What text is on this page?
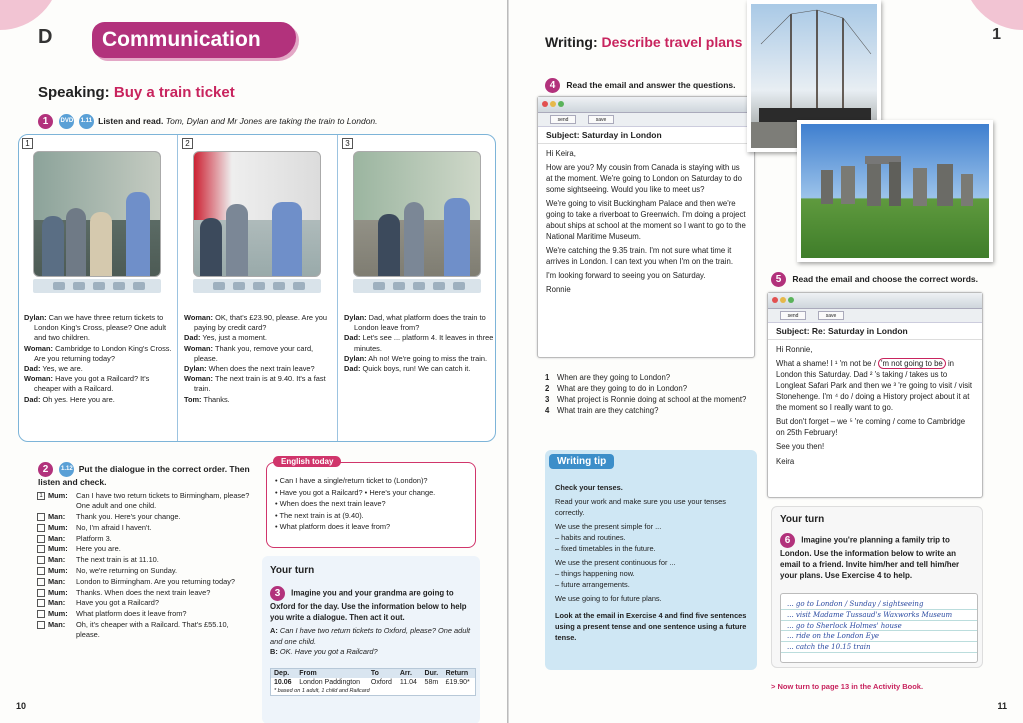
D	Communication
Speaking: Buy a train ticket
1 DVD 1.11 Listen and read. Tom, Dylan and Mr Jones are taking the train to London.
1

Dylan: Can we have three return tickets to London King's Cross, please? One adult and two children.

Woman: Cambridge to London King's Cross. Are you returning today?

Dad: Yes, we are.

Woman: Have you got a Railcard? It's cheaper with a Railcard.

Dad: Oh yes. Here you are.

2

Woman: OK, that's £23.90, please. Are you paying by credit card?

Dad: Yes, just a moment.

Woman: Thank you, remove your card, please.

Dylan: When does the next train leave?

Woman: The next train is at 9.40. It's a fast train.

Tom: Thanks.

3

Dylan: Dad, what platform does the train to London leave from?

Dad: Let's see ... platform 4. It leaves in three minutes.

Dylan: Ah no! We're going to miss the train.

Dad: Quick boys, run! We can catch it.

2 1.12 Put the dialogue in the correct order. Then listen and check.
1 Mum:	Can I have two return tickets to Birmingham, please? One adult and one child.
Man:	Thank you. Here's your change.
Mum:	No, I'm afraid I haven't.
Man:	Platform 3.
Mum:	Here you are.
Man:	The next train is at 11.10.
Mum:	No, we're returning on Sunday.
Man:	London to Birmingham. Are you returning today?
Mum:	Thanks. When does the next train leave?
Man:	Have you got a Railcard?
Mum:	What platform does it leave from?
Man:	Oh, it's cheaper with a Railcard. That's £55.10, please.
English today
• Can I have a single/return ticket to (London)?
• Have you got a Railcard? • Here's your change.
• When does the next train leave?
• The next train is at (9.40).
• What platform does it leave from?
Your turn
3 Imagine you and your grandma are going to Oxford for the day. Use the information below to help you write a dialogue. Then act it out.
A: Can I have two return tickets to Oxford, please? One adult and one child.
B: OK. Have you got a Railcard?
Dep.	From	To	Arr.	Dur.	Return
10.06	London Paddington	Oxford	11.04	58m	£19.90*
* based on 1 adult, 1 child and Railcard
10
1
Writing: Describe travel plans
4 Read the email and answer the questions.
send	save
Subject: Saturday in London

Hi Keira,

How are you? My cousin from Canada is staying with us at the moment. We're going to London on Saturday to do some sightseeing. Would you like to meet us?

We're going to visit Buckingham Palace and then we're going to take a riverboat to Greenwich. I'm doing a project about ships at school at the moment so I want to go to the National Maritime Museum.

We're catching the 9.35 train. I'm not sure what time it arrives in London. I can text you when I'm on the train.

I'm looking forward to seeing you on Saturday.

Ronnie

1 When are they going to London?
2 What are they going to do in London?
3 What project is Ronnie doing at school at the moment?
4 What train are they catching?
Writing tip

Check your tenses.

Read your work and make sure you use your tenses correctly.

We use the present simple for ...
– habits and routines.

– fixed timetables in the future.

We use the present continuous for ...
– things happening now.

– future arrangements.

We use going to for future plans.

Look at the email in Exercise 4 and find five sentences using a present tense and one sentence using a future tense.

5 Read the email and choose the correct words.
send	save
Subject: Re: Saturday in London

Hi Ronnie,

What a shame! I ¹ 'm not be / 'm not going to be in London this Saturday. Dad ² 's taking / takes us to Longleat Safari Park and then we ³ 're going to visit / visit Stonehenge. I'm ⁴ do / doing a History project about it at the moment so I really want to go.

But don't forget – we ⁵ 're coming / come to Cambridge on 25th February!

See you then!

Keira

Your turn
6 Imagine you're planning a family trip to London. Use the information below to write an email to a friend. Invite him/her and tell him/her your plans. Use Exercise 4 to help.
... go to London / Sunday / sightseeing
... visit Madame Tussaud's Waxworks Museum
... go to Sherlock Holmes' house
... ride on the London Eye
... catch the 10.15 train
> Now turn to page 13 in the Activity Book.
11
